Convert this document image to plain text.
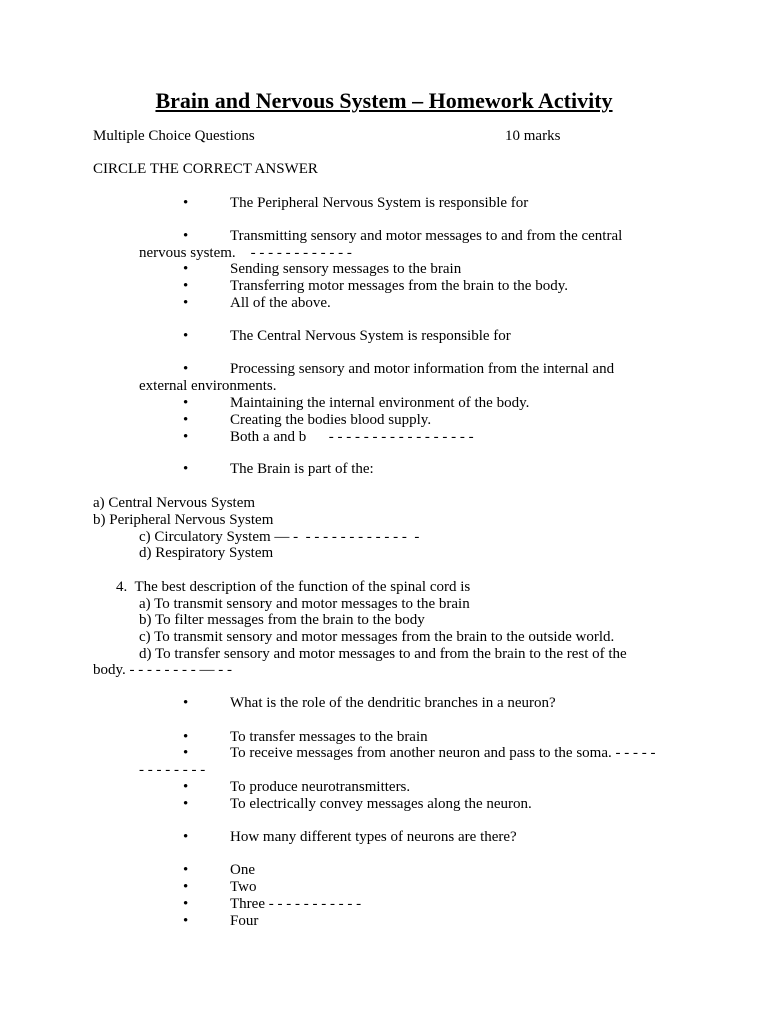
Brain and Nervous System – Homework Activity
Multiple Choice Questions	10 marks
CIRCLE THE CORRECT ANSWER
•	The Peripheral Nervous System is responsible for
•	Transmitting sensory and motor messages to and from the central
nervous system.    - - - - - - - - - - - -
•	Sending sensory messages to the brain
•	Transferring motor messages from the brain to the body.
•	All of the above.
•	The Central Nervous System is responsible for
•	Processing sensory and motor information from the internal and
external environments.
•	Maintaining the internal environment of the body.
•	Creating the bodies blood supply.
•	Both a and b      - - - - - - - - - - - - - - - - -
•	The Brain is part of the:
a) Central Nervous System
b) Peripheral Nervous System
c) Circulatory System — -  - - - - - - - - - - - -  -
d) Respiratory System
4.  The best description of the function of the spinal cord is
a) To transmit sensory and motor messages to the brain
b) To filter messages from the brain to the body
c) To transmit sensory and motor messages from the brain to the outside world.
d) To transfer sensory and motor messages to and from the brain to the rest of the
body. - - - - - - - - — - -
•	What is the role of the dendritic branches in a neuron?
•	To transfer messages to the brain
•	To receive messages from another neuron and pass to the soma. - - - - -
- - - - - - - -
•	To produce neurotransmitters.
•	To electrically convey messages along the neuron.
•	How many different types of neurons are there?
•	One
•	Two
•	Three - - - - - - - - - - -
•	Four
